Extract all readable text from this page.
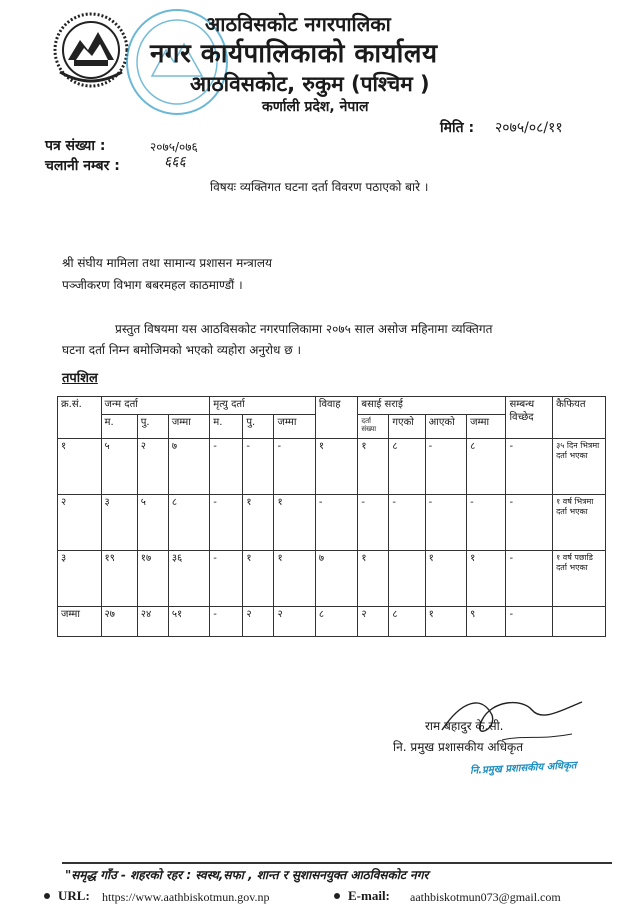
आठविसकोट नगरपालिका
नगर कार्यपालिकाको कार्यालय
आठविसकोट, रुकुम (पश्चिम )
कर्णाली प्रदेश, नेपाल
मिति : २०७५/०८/११
पत्र संख्या :	२०७५/०७६
चलानी नम्बर :	६६६
विषयः व्यक्तिगत घटना दर्ता विवरण पठाएको बारे ।
श्री संघीय मामिला तथा सामान्य प्रशासन मन्त्रालय
पञ्जीकरण विभाग बबरमहल काठमाण्डौं ।
प्रस्तुत विषयमा यस आठविसकोट नगरपालिकामा २०७५ साल असोज महिनामा व्यक्तिगत
घटना दर्ता निम्न बमोजिमको भएको व्यहोरा अनुरोध छ ।
तपशिल
क्र.सं.	जन्म दर्ता			मृत्यु दर्ता			विवाह	बसाई सराई				सम्बन्ध विच्छेद	कैफियत
	म.	पु.	जम्मा	म.	पु.	जम्मा		दर्ता संख्या	गएको	आएको	जम्मा		
१	५	२	७	-	-	-	१	१	८	-	८	-	३५ दिन भित्रमा दर्ता भएका
२	३	५	८	-	१	१	-	-	-	-	-	-	१ वर्ष भित्रमा दर्ता भएका
३	१९	१७	३६	-	१	१	७	१		१	१	-	१ वर्ष पछाडि दर्ता भएका
जम्मा	२७	२४	५१	-	२	२	८	२	८	१	९	-	
राम बहादुर के.सी.
नि. प्रमुख प्रशासकीय अधिकृत
नि.प्रमुख प्रशासकीय अधिकृत
"समृद्ध गाँउ - शहरको रहर : स्वस्थ,सफा , शान्त र सुशासनयुक्त आठविसकोट नगर
URL: https://www.aathbiskotmun.gov.np	E-mail: aathbiskotmun073@gmail.com
